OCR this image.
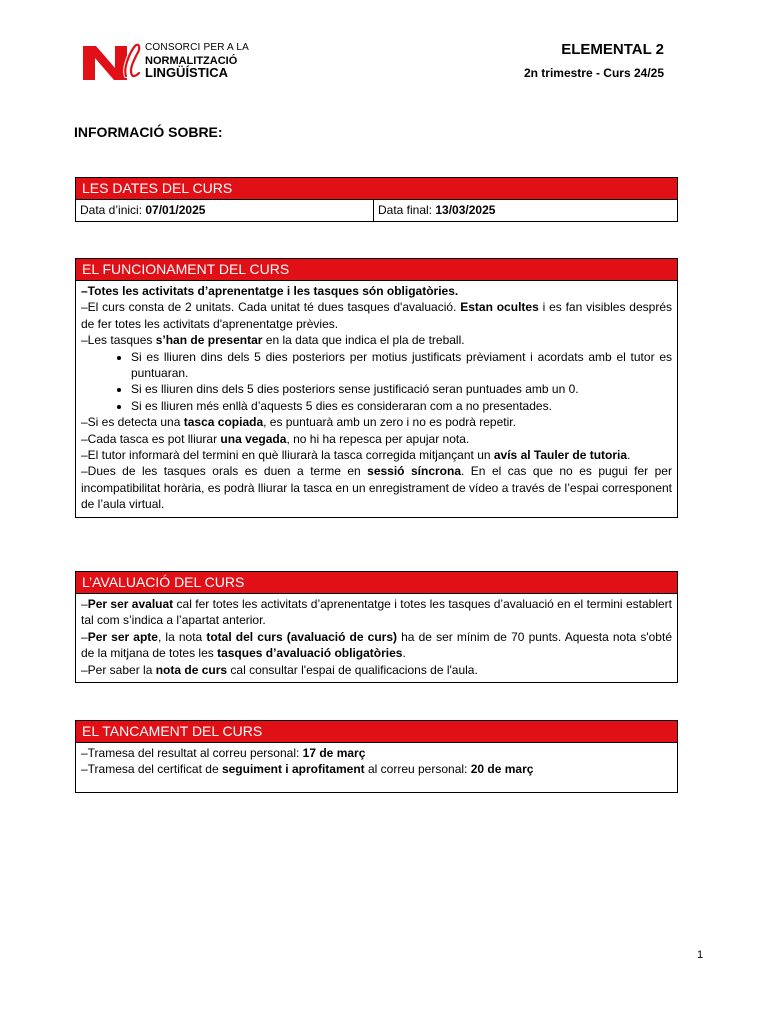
CONSORCI PER A LA
NORMALITZACIÓ
LINGÜÍSTICA
ELEMENTAL 2
2n trimestre - Curs 24/25
INFORMACIÓ SOBRE:
LES DATES DEL CURS
Data d’inici: 07/01/2025	Data final: 13/03/2025
EL FUNCIONAMENT DEL CURS

–Totes les activitats d’aprenentatge i les tasques són obligatòries.

–El curs consta de 2 unitats. Cada unitat té dues tasques d'avaluació. Estan ocultes i es fan visibles després de fer totes les activitats d'aprenentatge prèvies.

–Les tasques s’han de presentar en la data que indica el pla de treball.

• Si es lliuren dins dels 5 dies posteriors per motius justificats prèviament i acordats amb el tutor es puntuaran.
• Si es lliuren dins dels 5 dies posteriors sense justificació seran puntuades amb un 0.
• Si es lliuren més enllà d’aquests 5 dies es consideraran com a no presentades.

–Si es detecta una tasca copiada, es puntuarà amb un zero i no es podrà repetir.

–Cada tasca es pot lliurar una vegada, no hi ha repesca per apujar nota.

–El tutor informarà del termini en què lliurarà la tasca corregida mitjançant un avís al Tauler de tutoria.

–Dues de les tasques orals es duen a terme en sessió síncrona. En el cas que no es pugui fer per incompatibilitat horària, es podrà lliurar la tasca en un enregistrament de vídeo a través de l’espai corresponent de l’aula virtual.

L’AVALUACIÓ DEL CURS

–Per ser avaluat cal fer totes les activitats d’aprenentatge i totes les tasques d’avaluació en el termini establert tal com s’indica a l’apartat anterior.

–Per ser apte, la nota total del curs (avaluació de curs) ha de ser mínim de 70 punts. Aquesta nota s'obté de la mitjana de totes les tasques d’avaluació obligatòries.

–Per saber la nota de curs cal consultar l'espai de qualificacions de l'aula.

EL TANCAMENT DEL CURS

–Tramesa del resultat al correu personal: 17 de març

–Tramesa del certificat de seguiment i aprofitament al correu personal: 20 de març

1
